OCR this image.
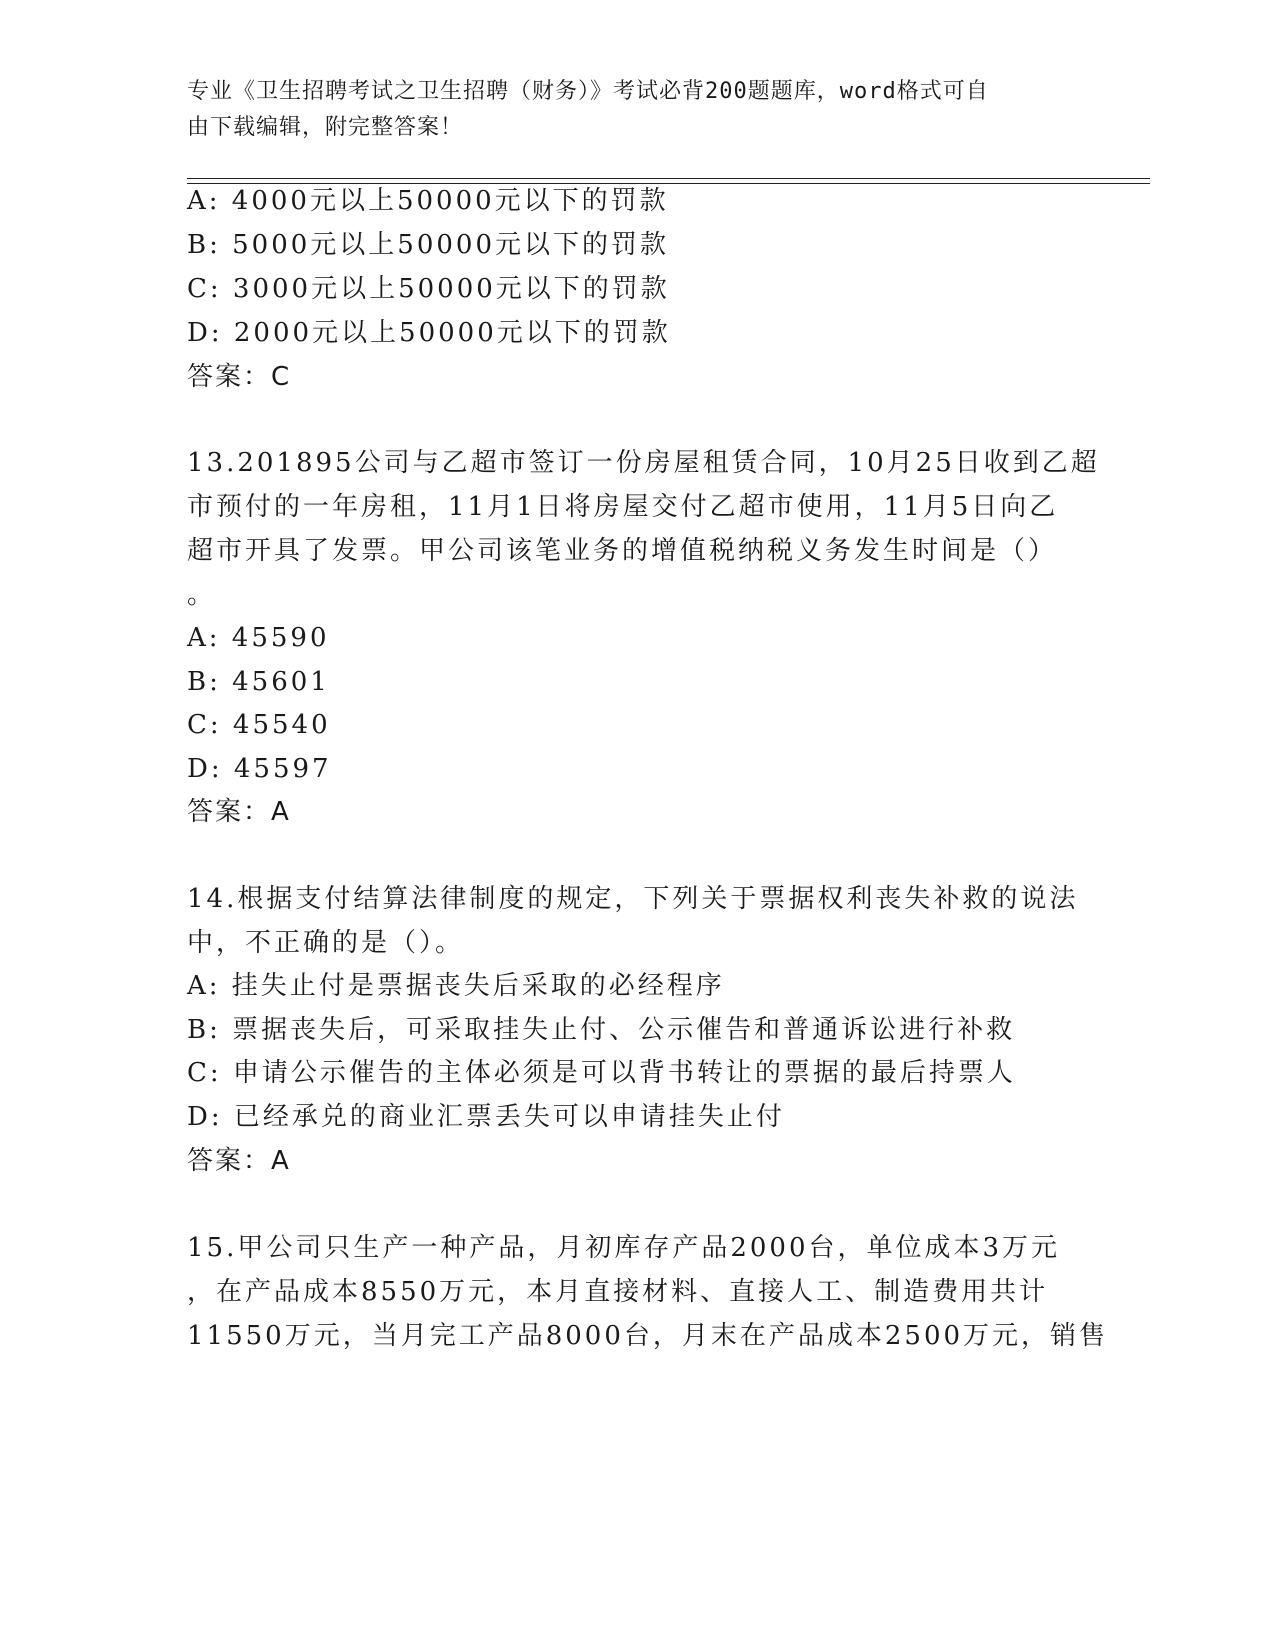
专业《卫生招聘考试之卫生招聘（财务）》考试必背200题题库，word格式可自
由下载编辑，附完整答案！
A: 4000元以上50000元以下的罚款
B: 5000元以上50000元以下的罚款
C: 3000元以上50000元以下的罚款
D: 2000元以上50000元以下的罚款
答案：C
13.201895公司与乙超市签订一份房屋租赁合同，10月25日收到乙超
市预付的一年房租，11月1日将房屋交付乙超市使用，11月5日向乙
超市开具了发票。甲公司该笔业务的增值税纳税义务发生时间是（）
。
A: 45590
B: 45601
C: 45540
D: 45597
答案：A
14.根据支付结算法律制度的规定，下列关于票据权利丧失补救的说法
中，不正确的是（）。
A: 挂失止付是票据丧失后采取的必经程序
B: 票据丧失后，可采取挂失止付、公示催告和普通诉讼进行补救
C: 申请公示催告的主体必须是可以背书转让的票据的最后持票人
D: 已经承兑的商业汇票丢失可以申请挂失止付
答案：A
15.甲公司只生产一种产品，月初库存产品2000台，单位成本3万元
，在产品成本8550万元，本月直接材料、直接人工、制造费用共计
11550万元，当月完工产品8000台，月末在产品成本2500万元，销售
